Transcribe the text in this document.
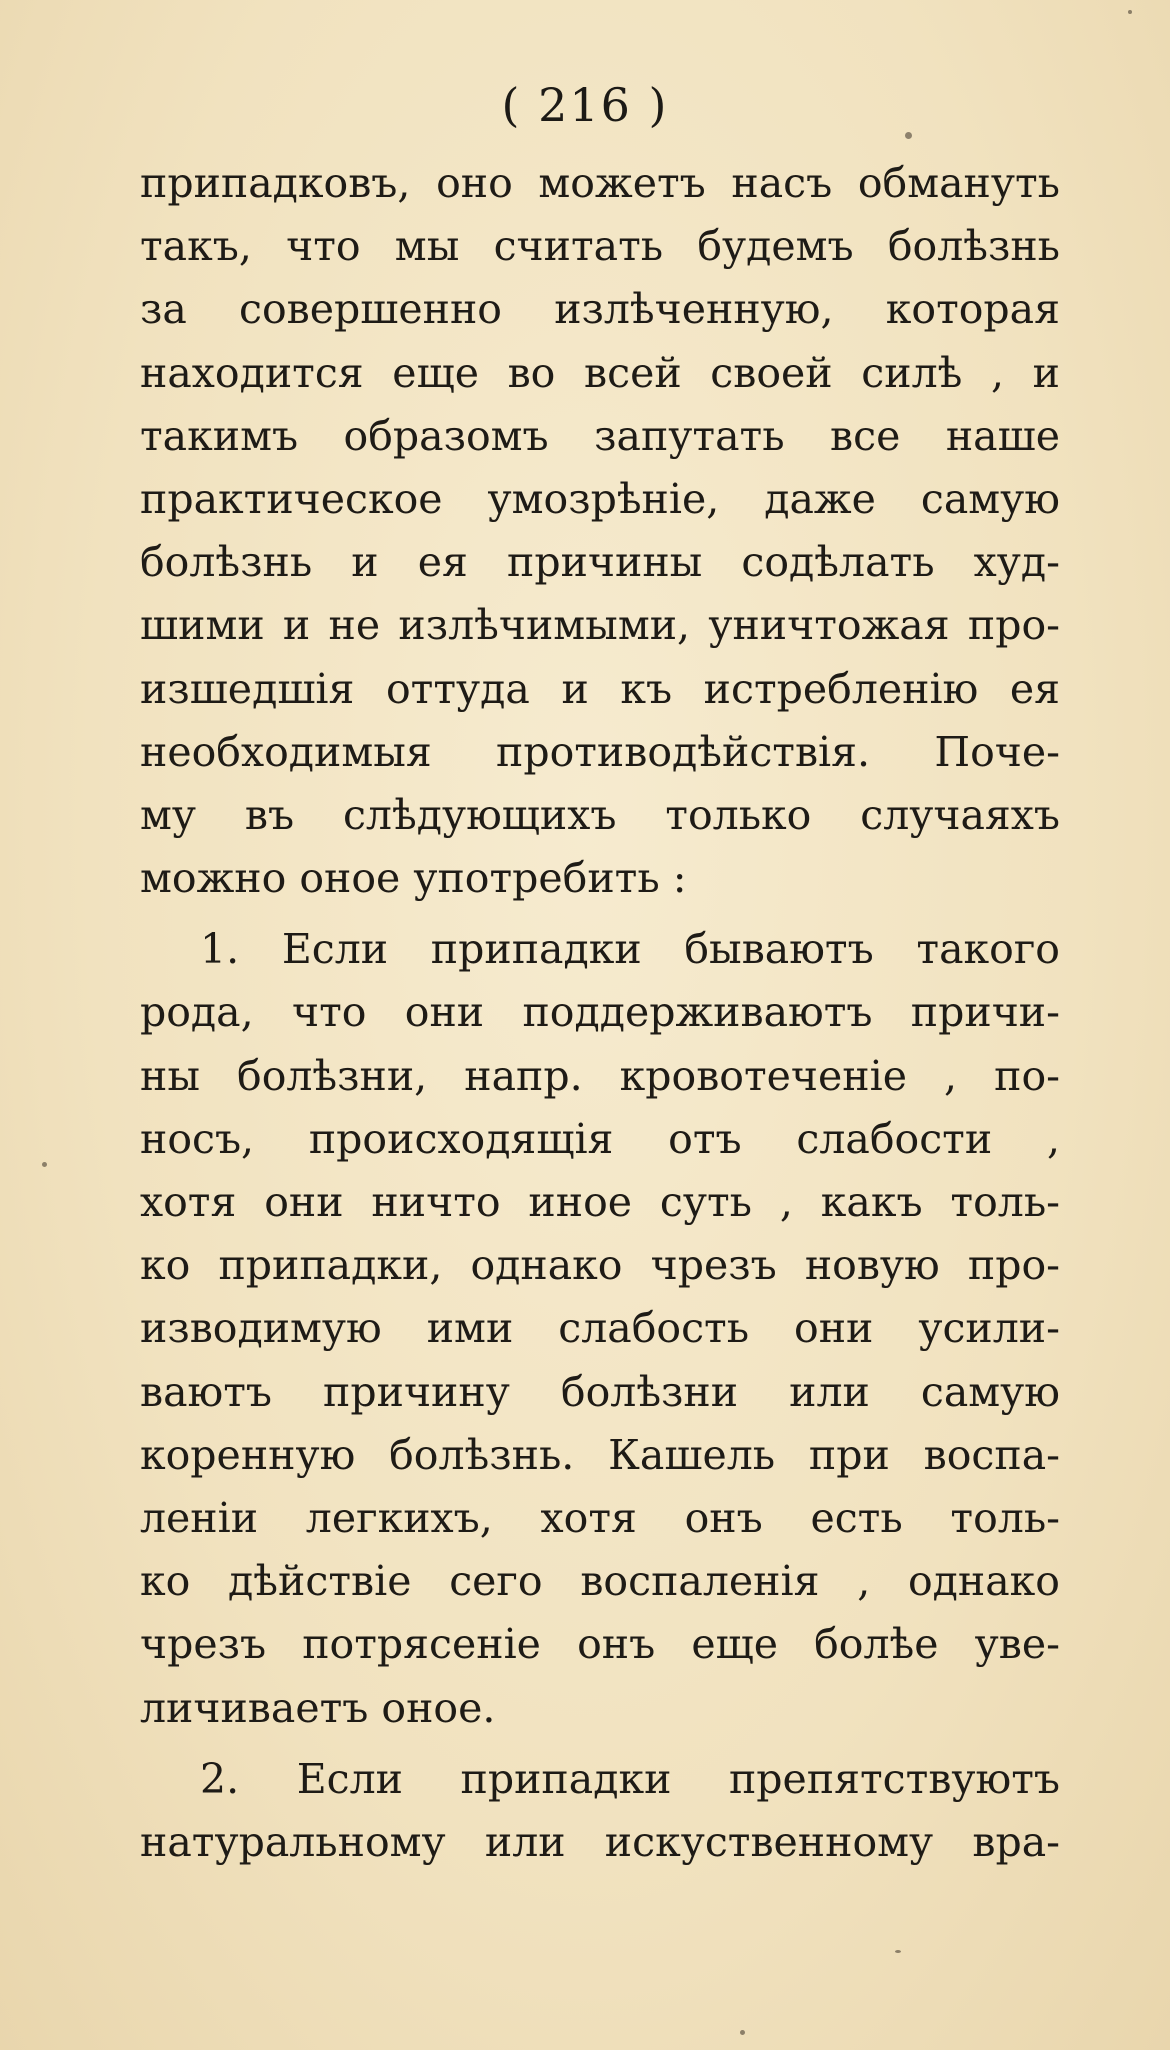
( 216 )
припадковъ, оно можетъ насъ обмануть
такъ, что мы считать будемъ болѣзнь
за совершенно излѣченную, которая
находится еще во всей своей силѣ , и
такимъ образомъ запутать все наше
практическое умозрѣніе, даже самую
болѣзнь и ея причины содѣлать худ-
шими и не излѣчимыми, уничтожая про-
изшедшія оттуда и къ истребленію ея
необходимыя противодѣйствія. Поче-
му въ слѣдующихъ только случаяхъ
можно оное употребить :
1. Если припадки бываютъ такого
рода, что они поддерживаютъ причи-
ны болѣзни, напр. кровотеченіе , по-
носъ, происходящія отъ слабости ,
хотя они ничто иное суть , какъ толь-
ко припадки, однако чрезъ новую про-
изводимую ими слабость они усили-
ваютъ причину болѣзни или самую
коренную болѣзнь. Кашель при воспа-
леніи легкихъ, хотя онъ есть толь-
ко дѣйствіе сего воспаленія , однако
чрезъ потрясеніе онъ еще болѣе уве-
личиваетъ оное.
2. Если припадки препятствуютъ
натуральному или искуственному вра-
